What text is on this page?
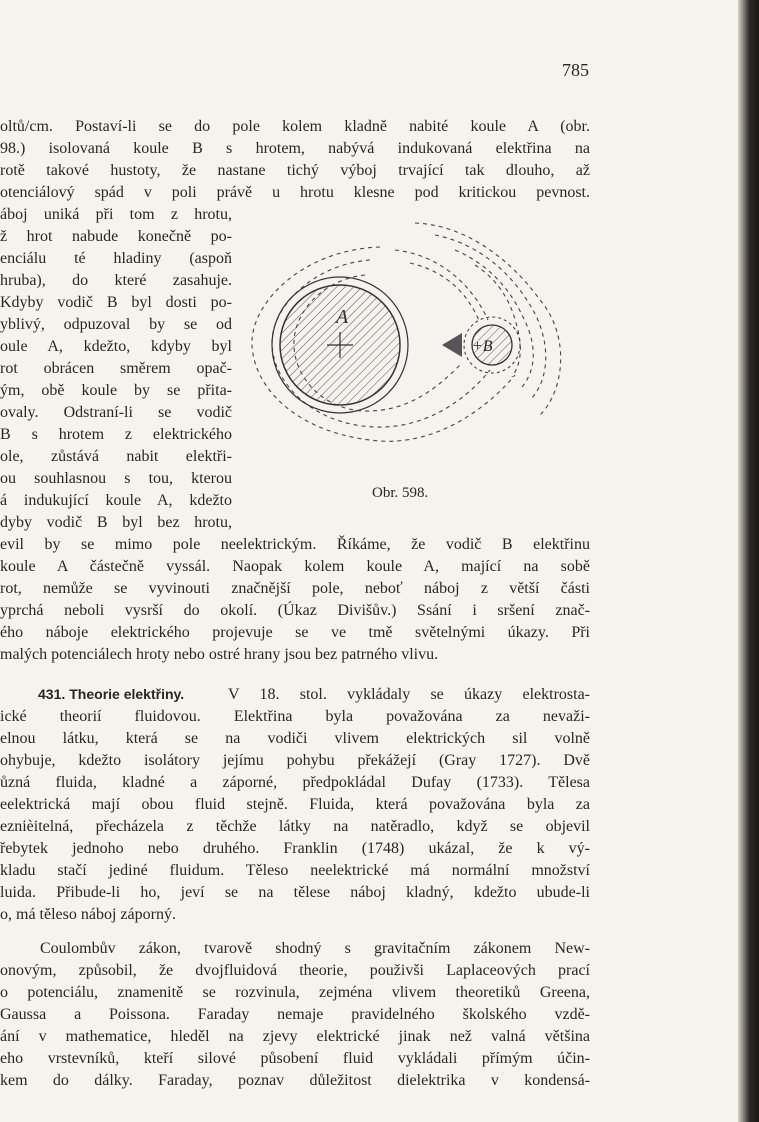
785
oltů/cm. Postaví-li se do pole kolem kladně nabité koule A (obr.
98.) isolovaná koule B s hrotem, nabývá indukovaná elektřina na
rotě takové hustoty, že nastane tichý výboj trvající tak dlouho, až
otenciálový spád v poli právě u hrotu klesne pod kritickou pevnost.
áboj uniká při tom z hrotu,
ž hrot nabude konečně po-
enciálu té hladiny (aspoň
hruba), do které zasahuje.
Kdyby vodič B byl dosti po-
yblivý, odpuzoval by se od
oule A, kdežto, kdyby byl
rot obrácen směrem opač-
ým, obě koule by se přita-
ovaly. Odstraní-li se vodič
B s hrotem z elektrického
ole, zůstává nabit elektři-
ou souhlasnou s tou, kterou
á indukující koule A, kdežto
dyby vodič B byl bez hrotu,
A
+B
Obr. 598.
evil by se mimo pole neelektrickým. Říkáme, že vodič B elektřinu
koule A částečně vyssál. Naopak kolem koule A, mající na sobě
rot, nemůže se vyvinouti značnější pole, neboť náboj z větší části
yprchá neboli vysrší do okolí. (Úkaz Divišův.) Ssání i sršení znač-
ého náboje elektrického projevuje se ve tmě světelnými úkazy. Při
malých potenciálech hroty nebo ostré hrany jsou bez patrného vlivu.
431. Theorie elektřiny.	V 18. stol. vykládaly se úkazy elektrosta-
ické theorií fluidovou. Elektřina byla považována za nevaži-
elnou látku, která se na vodiči vlivem elektrických sil volně
ohybuje, kdežto isolátory jejímu pohybu překážejí (Gray 1727). Dvě
ůzná fluida, kladné a záporné, předpokládal Dufay (1733). Tělesa
eelektrická mají obou fluid stejně. Fluida, která považována byla za
eznièitelná, přecházela z těchže látky na natěradlo, když se objevil
řebytek jednoho nebo druhého. Franklin (1748) ukázal, že k vý-
kladu stačí jediné fluidum. Těleso neelektrické má normální množství
luida. Přibude-li ho, jeví se na tělese náboj kladný, kdežto ubude-li
o, má těleso náboj záporný.
Coulombův zákon, tvarově shodný s gravitačním zákonem New-
onovým, způsobil, že dvojfluidová theorie, použivši Laplaceových prací
o potenciálu, znamenitě se rozvinula, zejména vlivem theoretiků Greena,
Gaussa a Poissona. Faraday nemaje pravidelného školského vzdě-
ání v mathematice, hleděl na zjevy elektrické jinak než valná většina
eho vrstevníků, kteří silové působení fluid vykládali přímým účin-
kem do dálky. Faraday, poznav důležitost dielektrika v kondensá-
